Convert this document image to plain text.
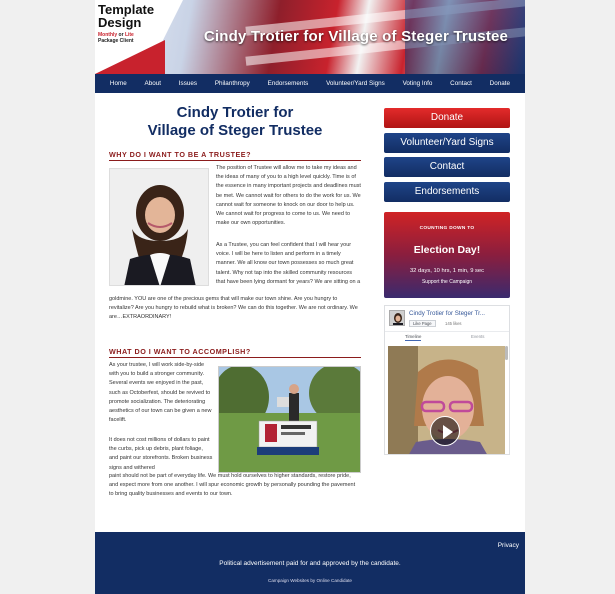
Template
Design
Monthly or Lite
Package Client	Cindy Trotier for Village of Steger Trustee
Home	About	Issues	Philanthropy	Endorsements	Volunteer/Yard Signs	Voting Info	Contact	Donate
Cindy Trotier for
Village of Steger Trustee
WHY DO I WANT TO BE A TRUSTEE?
The position of Trustee will allow me to take my ideas and the ideas of many of you to a high level quickly. Time is of the essence in many important projects and deadlines must be met. We cannot wait for others to do the work for us. We cannot wait for someone to knock on our door to help us. We cannot wait for progress to come to us. We need to make our own opportunities.
As a Trustee, you can feel confident that I will hear your voice. I will be here to listen and perform in a timely manner. We all know our town possesses so much great talent. Why not tap into the skilled community resources that have been lying dormant for years? We are sitting on a
goldmine. YOU are one of the precious gems that will make our town shine. Are you hungry to revitalize? Are you hungry to rebuild what is broken? We can do this together. We are not ordinary. We are…EXTRAORDINARY!
WHAT DO I WANT TO ACCOMPLISH?
As your trustee, I will work side-by-side with you to build a stronger community. Several events we enjoyed in the past, such as Octoberfest, should be revived to promote socialization. The deteriorating aesthetics of our town can be given a new facelift.
It does not cost millions of dollars to paint the curbs, pick up debris, plant foliage, and paint our storefronts. Broken business signs and withered
paint should not be part of everyday life. We must hold ourselves to higher standards, restore pride, and expect more from one another. I will spur economic growth by personally pounding the pavement to bring quality businesses and events to our town.
Donate
Volunteer/Yard Signs
Contact
Endorsements
COUNTING DOWN TO
Election Day!
32 days, 10 hrs, 1 min, 9 sec
Support the Campaign
Cindy Trotier for Steger Tr...
Like Page	145 likes
Timeline	Events
Privacy
Political advertisement paid for and approved by the candidate.
Campaign Websites by Online Candidate
